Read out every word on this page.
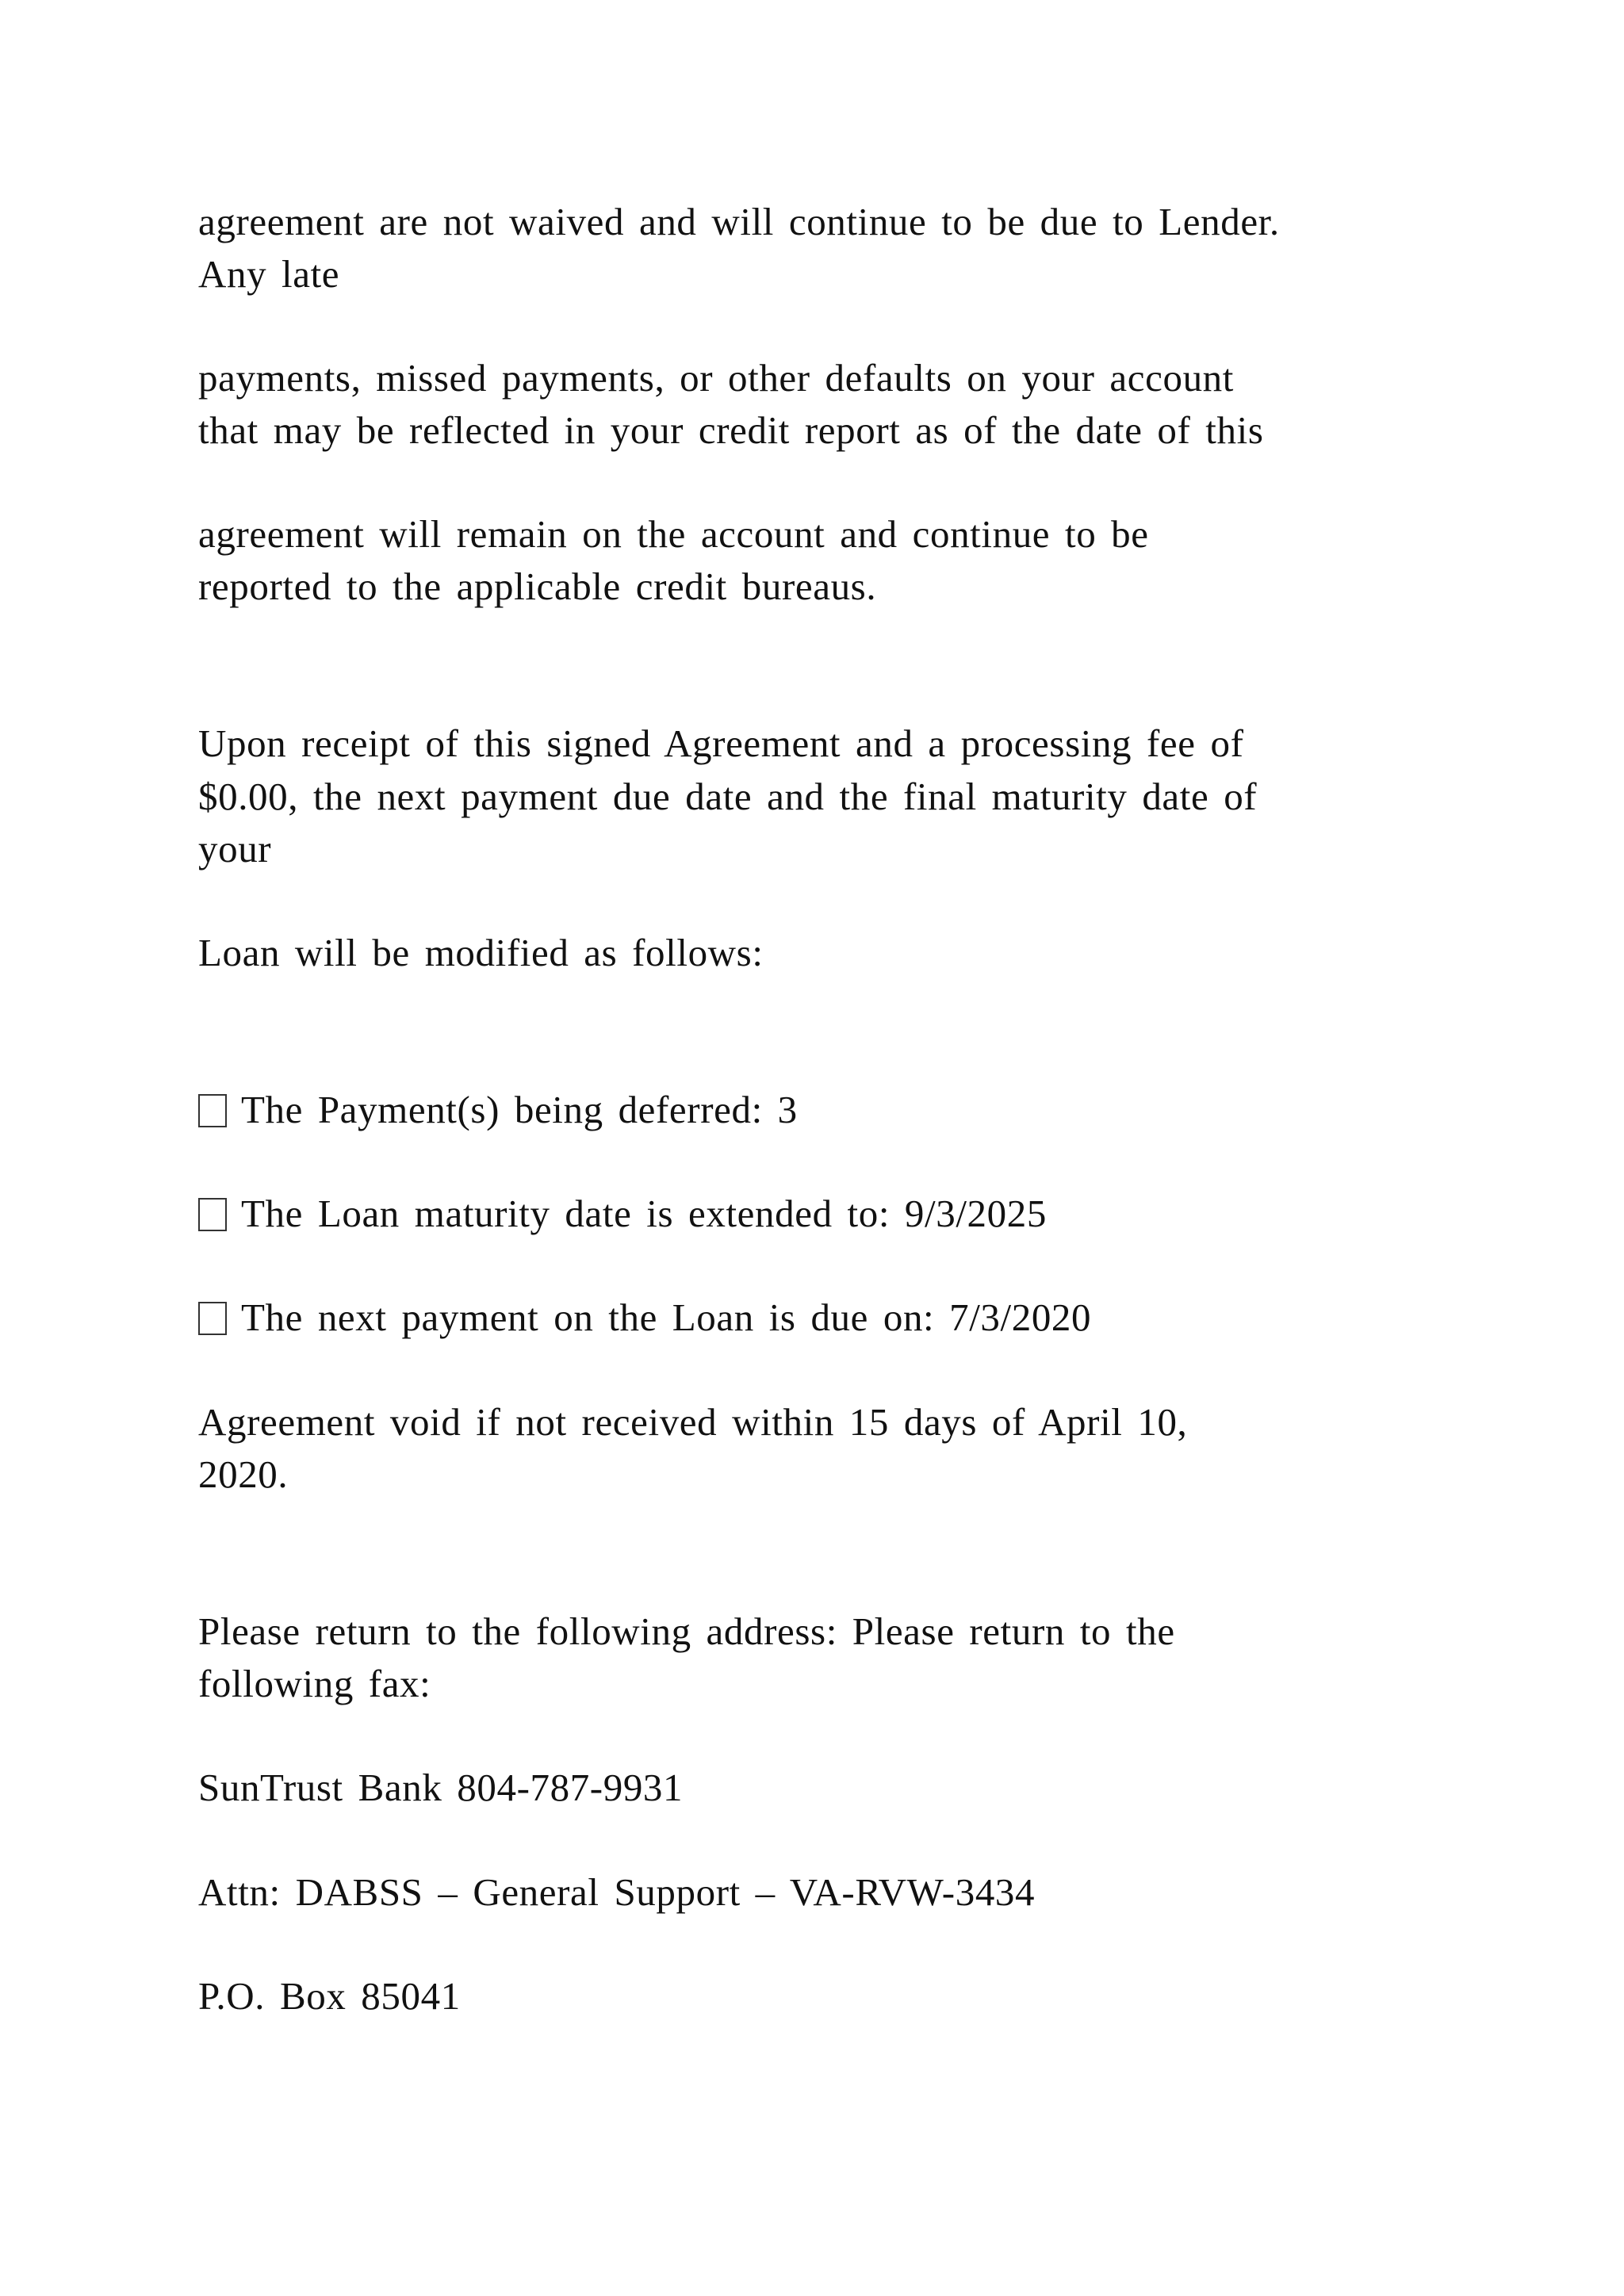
agreement are not waived and will continue to be due to Lender.

Any late

payments, missed payments, or other defaults on your account

that may be reflected in your credit report as of the date of this

agreement will remain on the account and continue to be

reported to the applicable credit bureaus.

Upon receipt of this signed Agreement and a processing fee of

$0.00, the next payment due date and the final maturity date of

your

Loan will be modified as follows:

The Payment(s) being deferred: 3

The Loan maturity date is extended to: 9/3/2025

The next payment on the Loan is due on: 7/3/2020

Agreement void if not received within 15 days of April 10,

2020.

Please return to the following address: Please return to the

following fax:

SunTrust Bank 804-787-9931

Attn: DABSS – General Support – VA-RVW-3434

P.O. Box 85041
